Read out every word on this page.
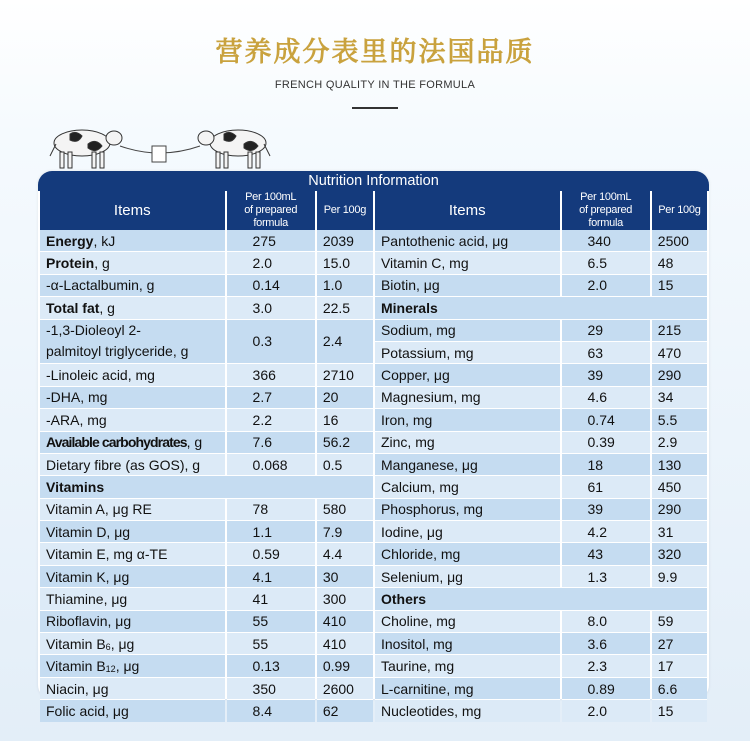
营养成分表里的法国品质
FRENCH QUALITY IN THE FORMULA
Nutrition Information
Items	Per 100mL
of prepared formula	Per 100g	Items	Per 100mL
of prepared formula	Per 100g
Energy, kJ	275	2039	Pantothenic acid, μg	340	2500
Protein, g	2.0	15.0	Vitamin C, mg	6.5	48
-α-Lactalbumin, g	0.14	1.0	Biotin, μg	2.0	15
Total fat, g	3.0	22.5	Minerals		
-1,3-Dioleoyl 2-
palmitoyl triglyceride, g	0.3	2.4	Sodium, mg	29	215
			Potassium, mg	63	470
-Linoleic acid, mg	366	2710	Copper, μg	39	290
-DHA, mg	2.7	20	Magnesium, mg	4.6	34
-ARA, mg	2.2	16	Iron, mg	0.74	5.5
Available carbohydrates, g	7.6	56.2	Zinc, mg	0.39	2.9
Dietary fibre (as GOS), g	0.068	0.5	Manganese, μg	18	130
Vitamins			Calcium, mg	61	450
Vitamin A, μg RE	78	580	Phosphorus, mg	39	290
Vitamin D, μg	1.1	7.9	Iodine, μg	4.2	31
Vitamin E, mg α-TE	0.59	4.4	Chloride, mg	43	320
Vitamin K, μg	4.1	30	Selenium, μg	1.3	9.9
Thiamine, μg	41	300	Others		
Riboflavin, μg	55	410	Choline, mg	8.0	59
Vitamin $B_6$, μg	55	410	Inositol, mg	3.6	27
Vitamin $B_{12}$, μg	0.13	0.99	Taurine, mg	2.3	17
Niacin, μg	350	2600	L-carnitine, mg	0.89	6.6
Folic acid, μg	8.4	62	Nucleotides, mg	2.0	15
